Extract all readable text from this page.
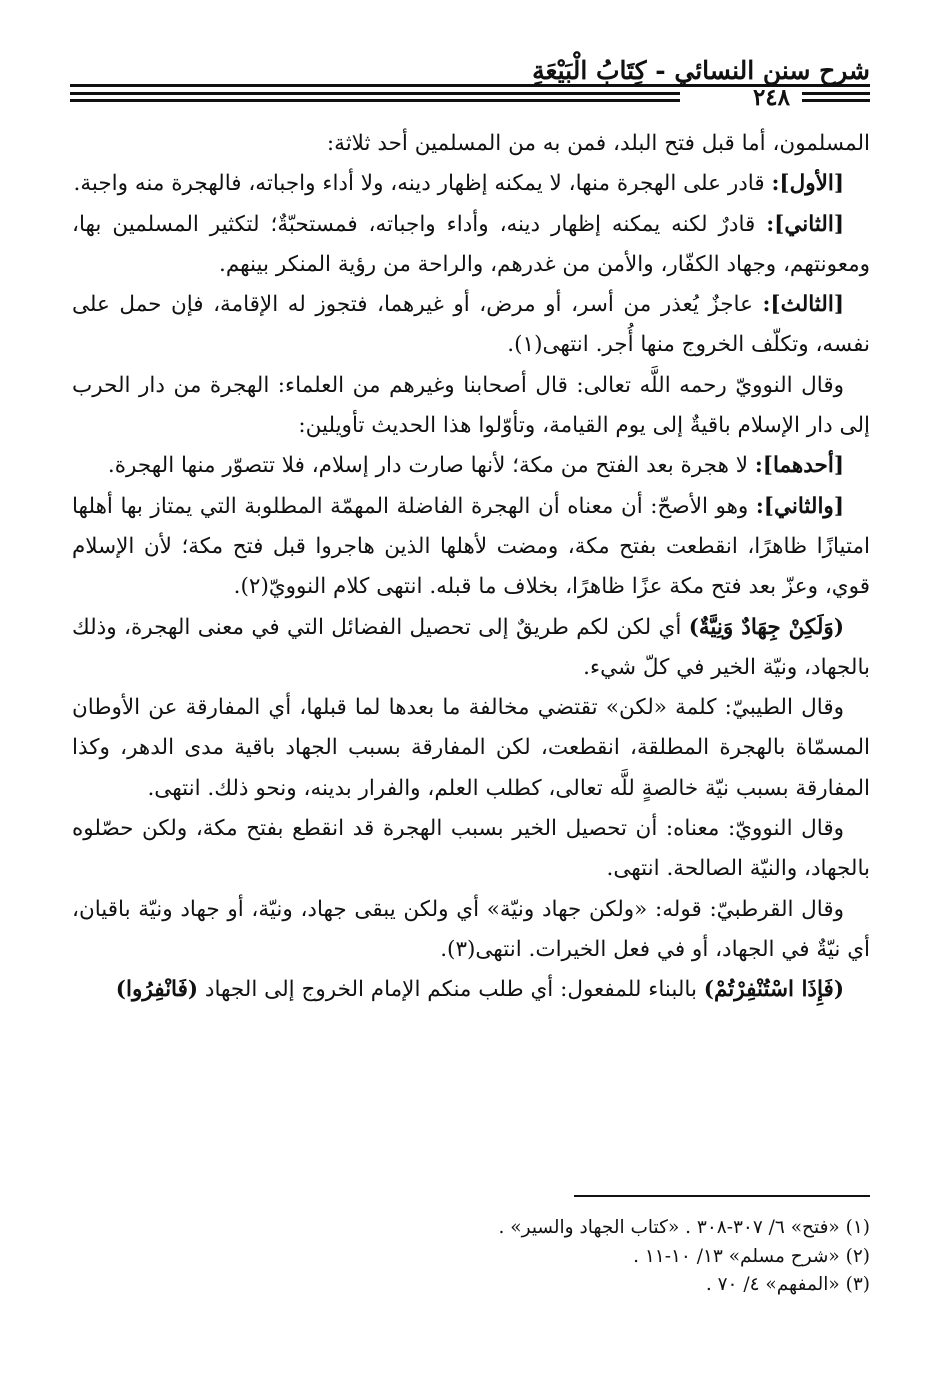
شرح سنن النسائي - كِتَابُ الْبَيْعَةِ
٢٤٨

المسلمون، أما قبل فتح البلد، فمن به من المسلمين أحد ثلاثة:

[الأول]: قادر على الهجرة منها، لا يمكنه إظهار دينه، ولا أداء واجباته، فالهجرة منه واجبة.

[الثاني]: قادرٌ لكنه يمكنه إظهار دينه، وأداء واجباته، فمستحبّةٌ؛ لتكثير المسلمين بها، ومعونتهم، وجهاد الكفّار، والأمن من غدرهم، والراحة من رؤية المنكر بينهم.

[الثالث]: عاجزٌ يُعذر من أسر، أو مرض، أو غيرهما، فتجوز له الإقامة، فإن حمل على نفسه، وتكلّف الخروج منها أُجر. انتهى(١).

وقال النوويّ رحمه اللَّه تعالى: قال أصحابنا وغيرهم من العلماء: الهجرة من دار الحرب إلى دار الإسلام باقيةٌ إلى يوم القيامة، وتأوّلوا هذا الحديث تأويلين:

[أحدهما]: لا هجرة بعد الفتح من مكة؛ لأنها صارت دار إسلام، فلا تتصوّر منها الهجرة.

[والثاني]: وهو الأصحّ: أن معناه أن الهجرة الفاضلة المهمّة المطلوبة التي يمتاز بها أهلها امتيازًا ظاهرًا، انقطعت بفتح مكة، ومضت لأهلها الذين هاجروا قبل فتح مكة؛ لأن الإسلام قوي، وعزّ بعد فتح مكة عزًا ظاهرًا، بخلاف ما قبله. انتهى كلام النوويّ(٢).

(وَلَكِنْ جِهَادٌ وَنِيَّةٌ) أي لكن لكم طريقٌ إلى تحصيل الفضائل التي في معنى الهجرة، وذلك بالجهاد، ونيّة الخير في كلّ شيء.

وقال الطيبيّ: كلمة «لكن» تقتضي مخالفة ما بعدها لما قبلها، أي المفارقة عن الأوطان المسمّاة بالهجرة المطلقة، انقطعت، لكن المفارقة بسبب الجهاد باقية مدى الدهر، وكذا المفارقة بسبب نيّة خالصةٍ للَّه تعالى، كطلب العلم، والفرار بدينه، ونحو ذلك. انتهى.

وقال النوويّ: معناه: أن تحصيل الخير بسبب الهجرة قد انقطع بفتح مكة، ولكن حصّلوه بالجهاد، والنيّة الصالحة. انتهى.

وقال القرطبيّ: قوله: «ولكن جهاد ونيّة» أي ولكن يبقى جهاد، ونيّة، أو جهاد ونيّة باقيان، أي نيّةٌ في الجهاد، أو في فعل الخيرات. انتهى(٣).

(فَإِذَا اسْتُنْفِرْتُمْ) بالبناء للمفعول: أي طلب منكم الإمام الخروج إلى الجهاد (فَانْفِرُوا)

(١) «فتح» ٦/ ٣٠٧-٣٠٨ . «كتاب الجهاد والسير» .
(٢) «شرح مسلم» ١٣/ ١٠-١١ .
(٣) «المفهم» ٤/ ٧٠ .
